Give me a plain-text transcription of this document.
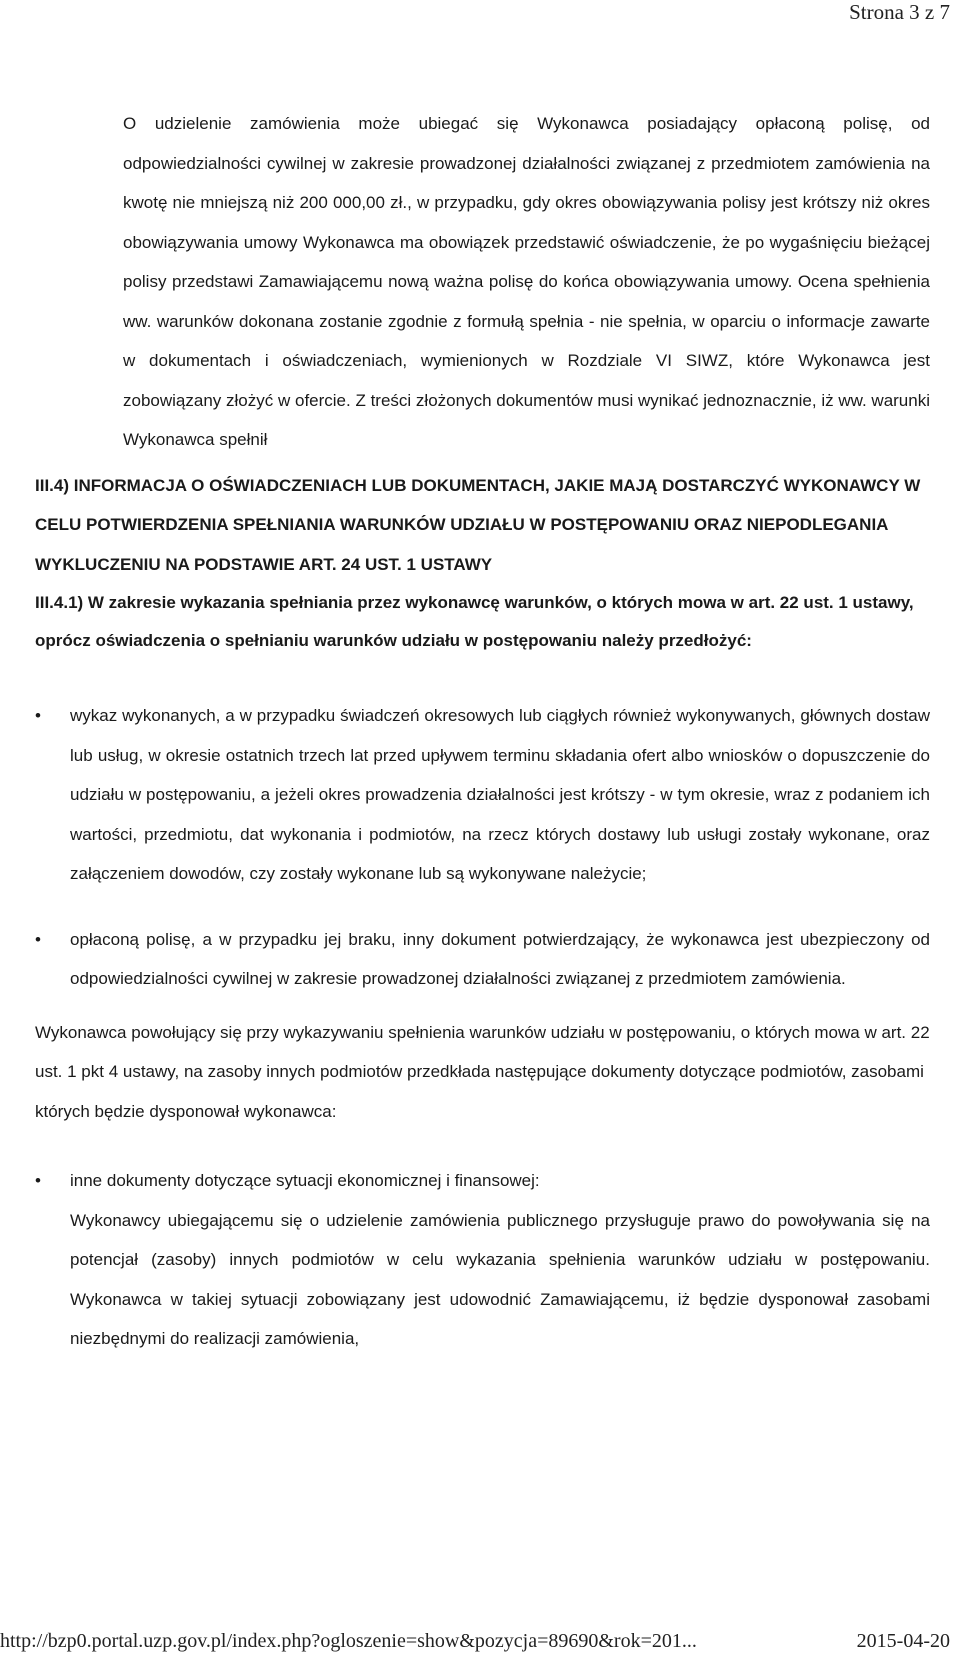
Strona 3 z 7

O udzielenie zamówienia może ubiegać się Wykonawca posiadający opłaconą polisę, od odpowiedzialności cywilnej w zakresie prowadzonej działalności związanej z przedmiotem zamówienia na kwotę nie mniejszą niż 200 000,00 zł., w przypadku, gdy okres obowiązywania polisy jest krótszy niż okres obowiązywania umowy Wykonawca ma obowiązek przedstawić oświadczenie, że po wygaśnięciu bieżącej polisy przedstawi Zamawiającemu nową ważna polisę do końca obowiązywania umowy. Ocena spełnienia ww. warunków dokonana zostanie zgodnie z formułą spełnia - nie spełnia, w oparciu o informacje zawarte w dokumentach i oświadczeniach, wymienionych w Rozdziale VI SIWZ, które Wykonawca jest zobowiązany złożyć w ofercie. Z treści złożonych dokumentów musi wynikać jednoznacznie, iż ww. warunki Wykonawca spełnił

III.4) INFORMACJA O OŚWIADCZENIACH LUB DOKUMENTACH, JAKIE MAJĄ DOSTARCZYĆ WYKONAWCY W CELU POTWIERDZENIA SPEŁNIANIA WARUNKÓW UDZIAŁU W POSTĘPOWANIU ORAZ NIEPODLEGANIA WYKLUCZENIU NA PODSTAWIE ART. 24 UST. 1 USTAWY

III.4.1) W zakresie wykazania spełniania przez wykonawcę warunków, o których mowa w art. 22 ust. 1 ustawy, oprócz oświadczenia o spełnianiu warunków udziału w postępowaniu należy przedłożyć:

• wykaz wykonanych, a w przypadku świadczeń okresowych lub ciągłych również wykonywanych, głównych dostaw lub usług, w okresie ostatnich trzech lat przed upływem terminu składania ofert albo wniosków o dopuszczenie do udziału w postępowaniu, a jeżeli okres prowadzenia działalności jest krótszy - w tym okresie, wraz z podaniem ich wartości, przedmiotu, dat wykonania i podmiotów, na rzecz których dostawy lub usługi zostały wykonane, oraz załączeniem dowodów, czy zostały wykonane lub są wykonywane należycie;
• opłaconą polisę, a w przypadku jej braku, inny dokument potwierdzający, że wykonawca jest ubezpieczony od odpowiedzialności cywilnej w zakresie prowadzonej działalności związanej z przedmiotem zamówienia.

Wykonawca powołujący się przy wykazywaniu spełnienia warunków udziału w postępowaniu, o których mowa w art. 22 ust. 1 pkt 4 ustawy, na zasoby innych podmiotów przedkłada następujące dokumenty dotyczące podmiotów, zasobami których będzie dysponował wykonawca:

• inne dokumenty dotyczące sytuacji ekonomicznej i finansowej:
Wykonawcy ubiegającemu się o udzielenie zamówienia publicznego przysługuje prawo do powoływania się na potencjał (zasoby) innych podmiotów w celu wykazania spełnienia warunków udziału w postępowaniu. Wykonawca w takiej sytuacji zobowiązany jest udowodnić Zamawiającemu, iż będzie dysponował zasobami niezbędnymi do realizacji zamówienia,
http://bzp0.portal.uzp.gov.pl/index.php?ogloszenie=show&pozycja=89690&rok=201...	2015-04-20
